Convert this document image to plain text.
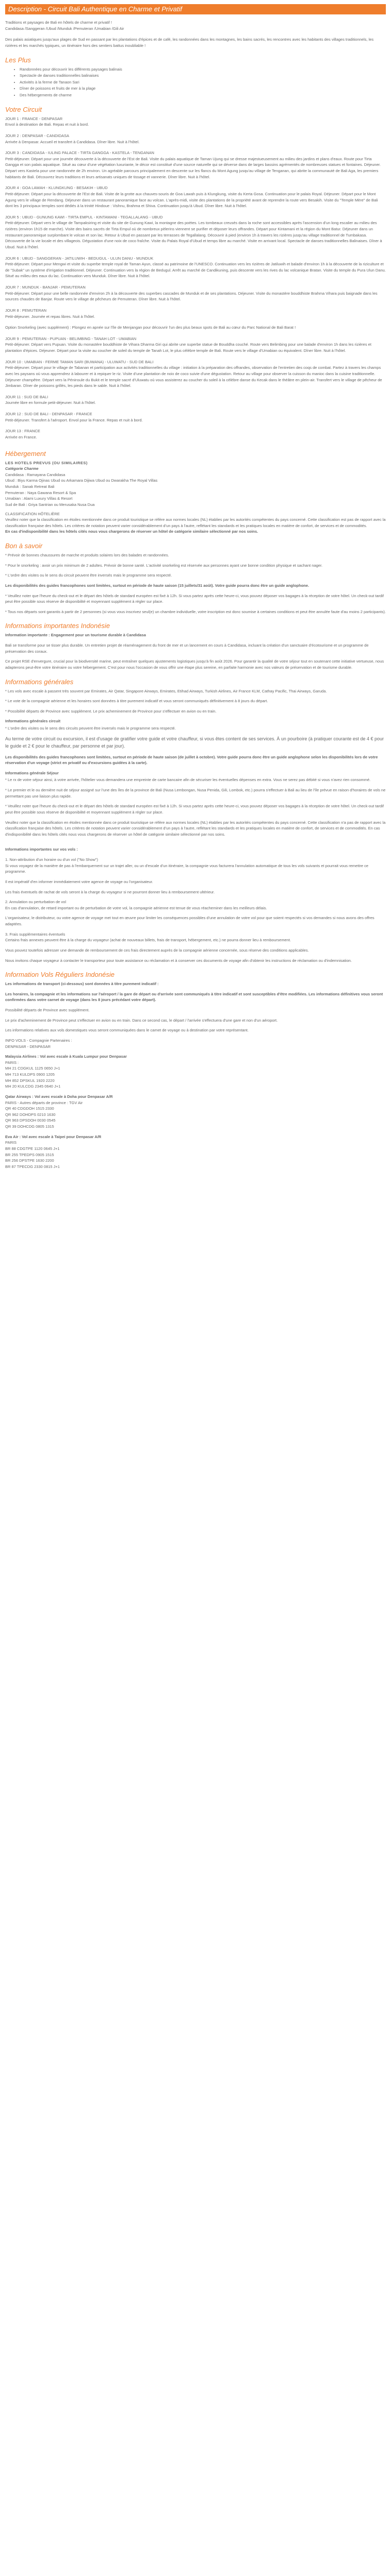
Description - Circuit Bali Authentique en Charme et Privatif

Traditions et paysages de Bali en hôtels de charme et privatif !

Candidasa /Sanggeran /Ubud /Munduk /Pemuteran /Umabian /Gili Air

Des palais asiatiques jusqu'aux plages de Sud en passant par les plantations d'épices et de café, les randonnées dans les montagnes, les bains sacrés, les rencontres avec les habitants des villages traditionnels, les rizières et les marchés typiques, un itinéraire hors des sentiers battus inoubliable !

Les Plus
• Randonnées pour découvrir les différents paysages balinais
• Spectacle de danses traditionnelles balinaises
• Activités à la ferme de Tanaon Sari
• Dîner de poissons et fruits de mer à la plage
• Des hébergements de charme
Votre Circuit

JOUR 1 : FRANCE - DENPASAR

Envol à destination de Bali. Repas et nuit à bord.

JOUR 2 : DENPASAR - CANDIDASA

Arrivée à Denpasar. Accueil et transfert à Candidasa. Dîner libre. Nuit à l'hôtel.

JOUR 3 : CANDIDASA - IULING PALACE - TIRTA GANGGA - KASTELA - TENGANAN

Petit-déjeuner. Départ pour une journée découverte à la découverte de l'Est de Bali. Visite du palais aquatique de Taman Ujung qui se dresse majestueusement au milieu des jardins et plans d'eaux. Route pour Tirta Gangga et son palais aquatique. Situé au cœur d'une végétation luxuriante, le décor est constitué d'une source naturelle qui se déverse dans de larges bassins agrémentés de nombreuses statues et fontaines. Déjeuner. Départ vers Kastela pour une randonnée de 2h environ. Un agréable parcours principalement en descente sur les flancs du Mont Agung jusqu'au village de Tenganan, qui abrite la communauté de Bali Aga, les premiers habitants de Bali. Découvrez leurs traditions et leurs artisanats uniques de tissage et vannerie. Dîner libre. Nuit à l'hôtel.

JOUR 4 : GOA LAWAH - KLUNGKUNG - BESAKIH - UBUD

Petit-déjeuner. Départ pour la découverte de l'Est de Bali. Visite de la grotte aux chauves-souris de Goa Lawah puis à Klungkung, visite du Kerta Gosa. Continuation pour le palais Royal. Déjeuner. Départ pour le Mont Agung vers le village de Rendang. Déjeuner dans un restaurant panoramique face au volcan. L'après-midi, visite des plantations de la propriété avant de reprendre la route vers Besakih. Visite du "Temple Mère" de Bali dont les 3 principaux temples sont dédiés à la trinité Hindoue : Vishnu, Brahma et Shiva. Continuation jusqu'à Ubud. Dîner libre. Nuit à l'hôtel.

JOUR 5 : UBUD - GUNUNG KAWI - TIRTA EMPUL - KINTAMANI - TEGALLALANG - UBUD

Petit-déjeuner. Départ vers le village de Tampaksiring et visite du site de Gunung Kawi, la montagne des poètes. Les tombeaux creusés dans la roche sont accessibles après l'ascension d'un long escalier au milieu des rizières (environ 1h15 de marche). Visite des bains sacrés de Tirta Empul où de nombreux pèlerins viennent se purifier et déposer leurs offrandes. Départ pour Kintamani et la région du Mont Batur. Déjeuner dans un restaurant panoramique surplombant le volcan et son lac. Retour à Ubud en passant par les terrasses de Tegallalang. Découvrir à pied (environ 1h à travers les rizières jusqu'au village traditionnel de Tumbakasa. Découverte de la vie locale et des villageois. Dégustation d'une noix de coco fraîche. Visite du Palais Royal d'Ubud et temps libre au marché. Visite en arrivant local. Spectacle de danses traditionnelles Balinaises. Dîner à Ubud. Nuit à l'hôtel.

JOUR 6 : UBUD - SANGGERAN - JATILUWIH - BEDUGUL - ULUN DANU - MUNDUK

Petit-déjeuner. Départ pour Mengwi et visite du superbe temple royal de Taman Ayun, classé au patrimoine de l'UNESCO. Continuation vers les rizières de Jatiluwih et balade d'environ 1h à la découverte de la riziculture et de "Subak" un système d'irrigation traditionnel. Déjeuner. Continuation vers la région de Bedugul. Arrêt au marché de Candikuning, puis descente vers les rives du lac volcanique Bratan. Visite du temple du Pura Ulun Danu. Situé au milieu des eaux du lac. Continuation vers Munduk. Dîner libre. Nuit à l'hôtel.

JOUR 7 : MUNDUK - BANJAR - PEMUTERAN

Petit-déjeuner. Départ pour une belle randonnée d'environ 2h à la découverte des superbes cascades de Munduk et de ses plantations. Déjeuner. Visite du monastère bouddhiste Brahma Vihara puis baignade dans les sources chaudes de Banjar. Route vers le village de pêcheurs de Pemuteran. Dîner libre. Nuit à l'hôtel.

JOUR 8 : PEMUTERAN

Petit-déjeuner. Journée et repas libres. Nuit à l'hôtel.

Option Snorkeling (avec supplément) : Plongez en apnée sur l'île de Menjangan pour découvrir l'un des plus beaux spots de Bali au cœur du Parc National de Bali Barat !

JOUR 9 : PEMUTERAN - PUPUAN - BELIMBING - TANAH LOT - UMABIAN

Petit-déjeuner. Départ vers Pupuan. Visite du monastère bouddhiste de Vihara Dharma Giri qui abrite une superbe statue de Bouddha couché. Route vers Belimbing pour une balade d'environ 1h dans les rizières et plantation d'épices. Déjeuner. Départ pour la visite au coucher de soleil du temple de Tanah Lot, le plus célèbre temple de Bali. Route vers le village d'Umabian ou équivalent. Dîner libre. Nuit à l'hôtel.

JOUR 10 : UMABIAN - FERME TAMAN SARI (BUWANA) - ULUWATU - SUD DE BALI

Petit-déjeuner. Départ pour le village de Tabanan et participation aux activités traditionnelles du village : initiation à la préparation des offrandes, observation de l'entretien des coqs de combat. Partez à travers les champs avec les paysans où vous apprendrez à labourer et à repiquer le riz. Visite d'une plantation de noix de coco suivie d'une dégustation. Retour au village pour observer la cuisson du manioc dans la cuisine traditionnelle. Déjeuner champêtre. Départ vers la Péninsule du Bukit et le temple sacré d'Uluwatu où vous assisterez au coucher du soleil à la célèbre danse du Kecak dans le théâtre en plein-air. Transfert vers le village de pêcheur de Jimbaran. Dîner de poissons grillés, les pieds dans le sable. Nuit à l'hôtel.

JOUR 11 : SUD DE BALI

Journée libre en formule petit-déjeuner. Nuit à l'hôtel.

JOUR 12 : SUD DE BALI - DENPASAR - FRANCE

Petit-déjeuner. Transfert à l'aéroport. Envol pour la France. Repas et nuit à bord.

JOUR 13 : FRANCE

Arrivée en France.

Hébergement

LES HOTELS PREVUS (OU SIMILAIRES)

Catégorie Charme

Candidasa : Ramayana Candidasa

Ubud : Biyu Karma Ojinas Ubud ou Arkamara Dijiwa Ubud ou Dwarakha The Royal Villas

Munduk : Sanak Retreat Bali

Pemuteran : Naya Gawana Resort & Spa

Umabian : Alami Luxury Villas & Resort

Sud de Bali : Griya Santrian ou Merusaka Nusa Dua

CLASSIFICATION HÔTELIÈRE

Veuillez noter que la classification en étoiles mentionnée dans ce produit touristique se réfère aux normes locales (NL) établies par les autorités compétentes du pays concerné. Cette classification est pas de rapport avec la classification française des hôtels. Les critères de notation peuvent varier considérablement d'un pays à l'autre, reflétant les standards et les pratiques locales en matière de confort, de services et de commodités.

En cas d'indisponibilité dans les hôtels cités nous vous chargerons de réserver un hôtel de catégorie similaire sélectionné par nos soins.

Bon à savoir

* Prévoir de bonnes chaussures de marche et produits solaires lors des balades et randonnées.

* Pour le snorkeling : avoir un prix minimum de 2 adultes. Prévoir de bonne santé. L'activité snorkeling est réservée aux personnes ayant une bonne condition physique et sachant nager.

* L'ordre des visites ou le sens du circuit peuvent être inversés mais le programme sera respecté.

Les disponibilités des guides francophones sont limitées, surtout en période de haute saison (15 juillets/31 août). Votre guide pourra donc être un guide anglophone.

* Veuillez noter que l'heure du check-out et le départ des hôtels de standard européen est fixé à 12h. Si vous partez après cette heure-ci, vous pouvez déposer vos bagages à la réception de votre hôtel. Un check-out tardif peut être possible sous réserve de disponibilité et moyennant supplément à régler sur place.

* Tous nos départs sont garantis à partir de 2 personnes (si vous vous inscrivez seul(e) un chambre individuelle, votre inscription est donc soumise à certaines conditions et peut être annulée faute d'au moins 2 participants).

Informations importantes Indonésie

Information importante : Engagement pour un tourisme durable à Candidasa

Bali se transforme pour se tisser plus durable. Un entretien projet de réaménagement du front de mer et un lancement en cours à Candidasa, incluant la création d'un sanctuaire d'écotourisme et un programme de préservation des coraux.

Ce projet RSE d'envergure, crucial pour la biodiversité marine, peut entraîner quelques ajustements logistiques jusqu'à fin août 2026. Pour garantir la qualité de votre séjour tout en soutenant cette initiative vertueuse, nous adapterons peut-être votre itinéraire ou votre hébergement. C'est pour nous l'occasion de vous offrir une étape plus sereine, en parfaite harmonie avec nos valeurs de préservation et de tourisme durable.

Informations générales

* Les vols avec escale à passent très souvent par Emirates, Air Qatar, Singapore Airways, Emirates, Etihad Airways, Turkish Airlines, Air France KLM, Cathay Pacific, Thai Airways, Garuda.

* Le vote de la compagnie aérienne et les horaires sont données à titre purement indicatif et vous seront communiqués définitivement à 8 jours du départ.

* Possibilité départs de Province avec supplément. Le prix acheminement de Province pour s'effectuer en avion ou en train.

Informations générales circuit

* L'ordre des visites ou le sens des circuits peuvent être inversés mais le programme sera respecté.

Au terme de votre circuit ou excursion, il est d'usage de gratifier votre guide et votre chauffeur, si vous êtes content de ses services. À un pourboire (à pratiquer courante est de 4 € pour le guide et 2 € pour le chauffeur, par personne et par jour).

Les disponibilités des guides francophones sont limitées, surtout en période de haute saison (de juillet à octobre). Votre guide pourra donc être un guide anglophone selon les disponibilités lors de votre réservation d'un voyage (strict en privatif ou d'excursions guidées à la carte).

Informations générale Séjour

* Le rx de votre séjour ainsi, à votre arrivée, l'hôtelier vous demandera une empreinte de carte bancaire afin de sécuriser les éventuelles dépenses en extra. Vous ne serez pas débité si vous n'avez rien consommé.

* Le premier et le ou dernière nuit de séjour assigné sur l'une des îles de la province de Bali (Nusa Lembongan, Nusa Penida, Gili, Lombok, etc.) pourra s'effectuer à Bali au lieu de l'île prévue en raison d'horaires de vols ne permettant pas une liaison plus rapide.

* Veuillez noter que l'heure du check-out et le départ des hôtels de standard européen est fixé à 12h. Si vous partez après cette heure-ci, vous pouvez déposer vos bagages à la réception de votre hôtel. Un check-out tardif peut être possible sous réserve de disponibilité et moyennant supplément à régler sur place.

Veuillez noter que la classification en étoiles mentionnée dans ce produit touristique se réfère aux normes locales (NL) établies par les autorités compétentes du pays concerné. Cette classification n'a pas de rapport avec la classification française des hôtels. Les critères de notation peuvent varier considérablement d'un pays à l'autre, reflétant les standards et les pratiques locales en matière de confort, de services et de commodités. En cas d'indisponibilité dans les hôtels cités nous vous chargerons de réserver un hôtel de catégorie similaire sélectionné par nos soins.

Informations importantes sur vos vols :

1. Non-attribution d'un horaire ou d'un vol ("No Show")

Si vous voyagez de la manière de pas à l'embarquement sur un trajet aller, ou un d'escale d'un itinéraire, la compagnie vous facturera l'annulation automatique de tous les vols suivants et pourrait vous remettre ce programme.

Il est impératif d'en informer immédiatement votre agence de voyage ou l'organisateur.

Les frais éventuels de rachat de vols seront à la charge du voyageur si ne pourront donner lieu à remboursement ultérieur.

2. Annulation ou perturbation de vol

En cas d'annulation, de retard important ou de perturbation de votre vol, la compagnie aérienne est tenue de vous réacheminer dans les meilleurs délais.

L'organisateur, le distributeur, ou votre agence de voyage met tout en œuvre pour limiter les conséquences possibles d'une annulation de votre vol pour que soient respectés si vos demandes si nous avons des offres adaptées.

3. Frais supplémentaires éventuels

Certains frais annexes peuvent être à la charge du voyageur (achat de nouveaux billets, frais de transport, hébergement, etc.) ne pourra donner lieu à remboursement.

Vous pouvez toutefois adresser une demande de remboursement de ces frais directement auprès de la compagnie aérienne concernée, sous réserve des conditions applicables.

Nous invitons chaque voyageur à contacter le transporteur pour toute assistance ou réclamation et à conserver ces documents de voyage afin d'obtenir les instructions de réclamation ou d'indemnisation.

Information Vols Réguliers Indonésie

Les informations de transport (ci-dessous) sont données à titre purement indicatif :

Les horaires, la compagnie et les informations sur l'aéroport / la gare de départ ou d'arrivée sont communiqués à titre indicatif et sont susceptibles d'être modifiées. Les informations définitives vous seront confirmées dans votre carnet de voyage (dans les 8 jours précédant votre départ).

Possibilité départs de Province avec supplément.

Le prix d'acheminement de Province peut s'effectuer en avion ou en train. Dans ce second cas, le départ / l'arrivée s'effectuera d'une gare et non d'un aéroport.

Les informations relatives aux vols domestiques vous seront communiquées dans le carnet de voyage ou à destination par votre représentant.

INFO VOLS - Compagnie Partenaires :

DENPASAR - DENPASAR

Malaysia Airlines : Vol avec escale à Kuala Lumpur pour Denpasar

PARIS :

MH 21 CDGKUL 1125 0650 J+1

MH 713 KULDPS 0900 1205

MH 852 DPSKUL 1920 2220

MH 20 KULCDG 2345 0640 J+1

Qatar Airways : Vol avec escale à Doha pour Denpasar A/R

PARIS - Autres départs de province : TGV Air

QR 40 CDGDOH 1515 2330

QR 962 DOHDPS 0210 1630

QR 963 DPSDOH 0030 0545

QR 39 DOHCDG 0805 1315

Eva Air : Vol avec escale à Taipei pour Denpasar A/R

PARIS

BR 88 CDGTPE 1120 0645 J+1

BR 255 TPEDPS 0905 1515

BR 256 DPSTPE 1630 2200

BR 87 TPECDG 2330 0815 J+1
